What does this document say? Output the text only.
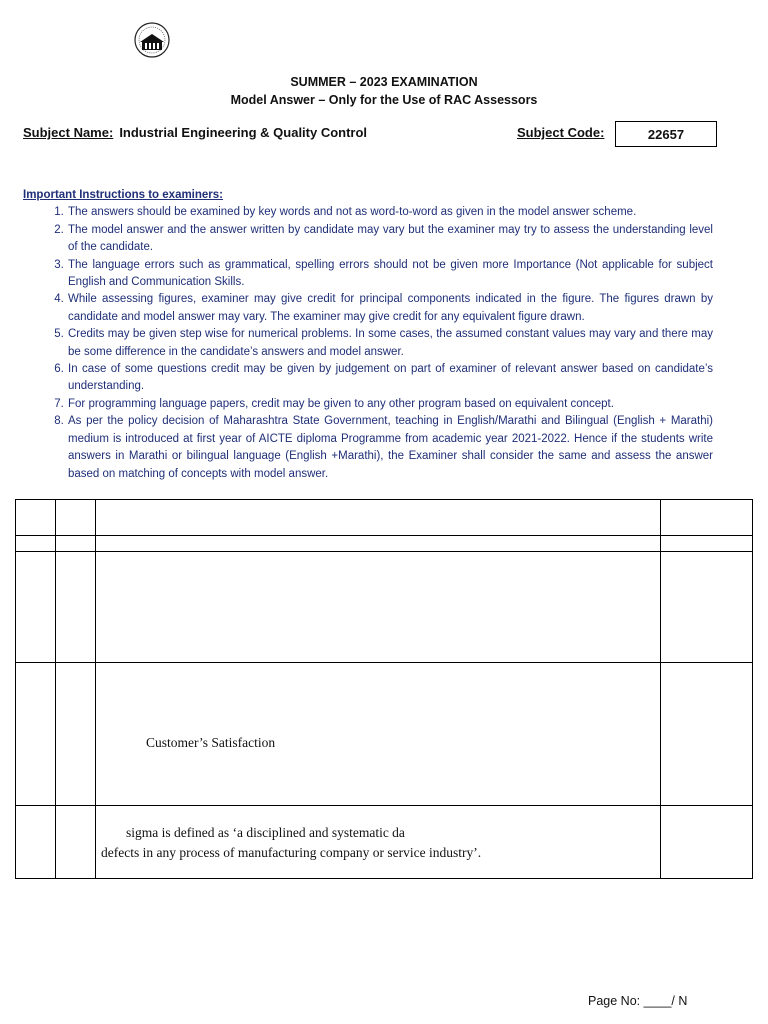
SUMMER – 2023 EXAMINATION
Model Answer – Only for the Use of RAC Assessors
Subject Name: Industrial Engineering & Quality Control	Subject Code:	22657
Important Instructions to examiners:
1. The answers should be examined by key words and not as word-to-word as given in the model answer scheme.
2. The model answer and the answer written by candidate may vary but the examiner may try to assess the understanding level of the candidate.
3. The language errors such as grammatical, spelling errors should not be given more Importance (Not applicable for subject English and Communication Skills.
4. While assessing figures, examiner may give credit for principal components indicated in the figure. The figures drawn by candidate and model answer may vary. The examiner may give credit for any equivalent figure drawn.
5. Credits may be given step wise for numerical problems. In some cases, the assumed constant values may vary and there may be some difference in the candidate’s answers and model answer.
6. In case of some questions credit may be given by judgement on part of examiner of relevant answer based on candidate’s understanding.
7. For programming language papers, credit may be given to any other program based on equivalent concept.
8. As per the policy decision of Maharashtra State Government, teaching in English/Marathi and Bilingual (English + Marathi) medium is introduced at first year of AICTE diploma Programme from academic year 2021-2022. Hence if the students write answers in Marathi or bilingual language (English +Marathi), the Examiner shall consider the same and assess the answer based on matching of concepts with model answer.
Customer’s Satisfaction
sigma is defined as ‘a disciplined and systematic da
defects in any process of manufacturing company or service industry’.
Page No: ____/ N
